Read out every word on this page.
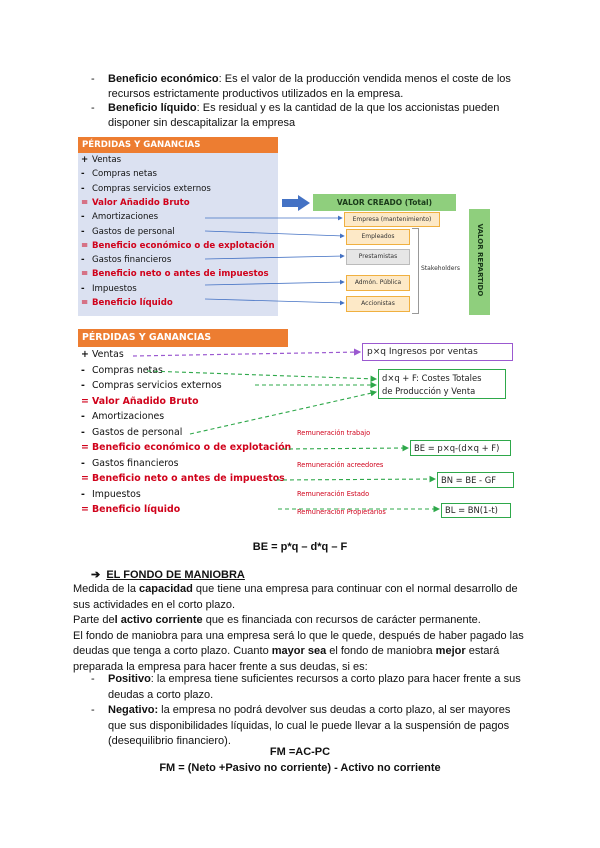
- Beneficio económico: Es el valor de la producción vendida menos el coste de los
recursos estrictamente productivos utilizados en la empresa.
- Beneficio líquido: Es residual y es la cantidad de la que los accionistas pueden
disponer sin descapitalizar la empresa
PÉRDIDAS Y GANANCIAS
+ Ventas
- Compras netas
- Compras servicios externos
= Valor Añadido Bruto
- Amortizaciones
- Gastos de personal
= Beneficio económico o de explotación
- Gastos financieros
= Beneficio neto o antes de impuestos
- Impuestos
= Beneficio líquido
VALOR CREADO (Total)
Empresa (mantenimiento)
Empleados
Prestamistas
Admón. Pública
Accionistas
Stakeholders VALOR REPARTIDO
PÉRDIDAS Y GANANCIAS
+ Ventas
- Compras netas
- Compras servicios externos
= Valor Añadido Bruto
- Amortizaciones
- Gastos de personal
= Beneficio económico o de explotación
- Gastos financieros
= Beneficio neto o antes de impuestos
- Impuestos
= Beneficio líquido
Remuneración trabajo
Remuneración acreedores
Remuneración Estado
Remuneración Propietarios
p×q Ingresos por ventas
d×q + F: Costes Totales
de Producción y Venta
BE = p×q-(d×q + F)
BN = BE - GF
BL = BN(1-t)
BE = p*q – d*q – F
➔ EL FONDO DE MANIOBRA
Medida de la capacidad que tiene una empresa para continuar con el normal desarrollo de
sus actividades en el corto plazo.
Parte del activo corriente que es financiada con recursos de carácter permanente.
El fondo de maniobra para una empresa será lo que le quede, después de haber pagado las
deudas que tenga a corto plazo. Cuanto mayor sea el fondo de maniobra mejor estará
preparada la empresa para hacer frente a sus deudas, si es:
- Positivo: la empresa tiene suficientes recursos a corto plazo para hacer frente a sus
deudas a corto plazo.
- Negativo: la empresa no podrá devolver sus deudas a corto plazo, al ser mayores
que sus disponibilidades líquidas, lo cual le puede llevar a la suspensión de pagos
(desequilibrio financiero).
FM =AC-PC
FM = (Neto +Pasivo no corriente) - Activo no corriente
